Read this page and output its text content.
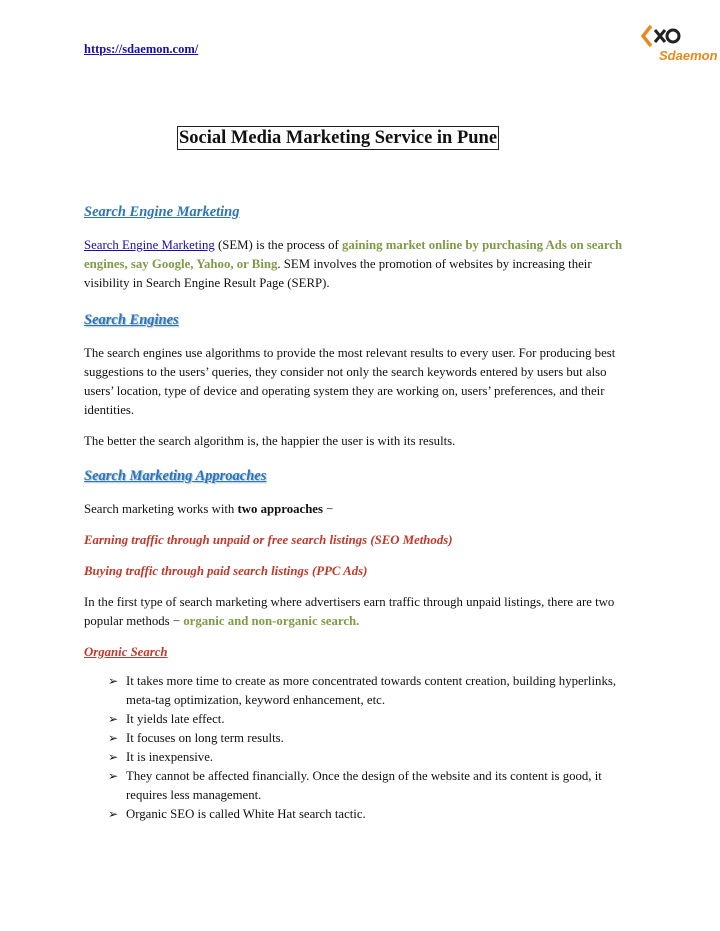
https://sdaemon.com/	Sdaemon
Social Media Marketing Service in Pune
Search Engine Marketing

Search Engine Marketing (SEM) is the process of gaining market online by purchasing Ads on search engines, say Google, Yahoo, or Bing. SEM involves the promotion of websites by increasing their visibility in Search Engine Result Page (SERP).

Search Engines

The search engines use algorithms to provide the most relevant results to every user. For producing best suggestions to the users’ queries, they consider not only the search keywords entered by users but also users’ location, type of device and operating system they are working on, users’ preferences, and their identities.

The better the search algorithm is, the happier the user is with its results.

Search Marketing Approaches

Search marketing works with two approaches −

Earning traffic through unpaid or free search listings (SEO Methods)

Buying traffic through paid search listings (PPC Ads)

In the first type of search marketing where advertisers earn traffic through unpaid listings, there are two popular methods − organic and non-organic search.

Organic Search
➢ It takes more time to create as more concentrated towards content creation, building hyperlinks, meta-tag optimization, keyword enhancement, etc.
➢ It yields late effect.
➢ It focuses on long term results.
➢ It is inexpensive.
➢ They cannot be affected financially. Once the design of the website and its content is good, it requires less management.
➢ Organic SEO is called White Hat search tactic.
